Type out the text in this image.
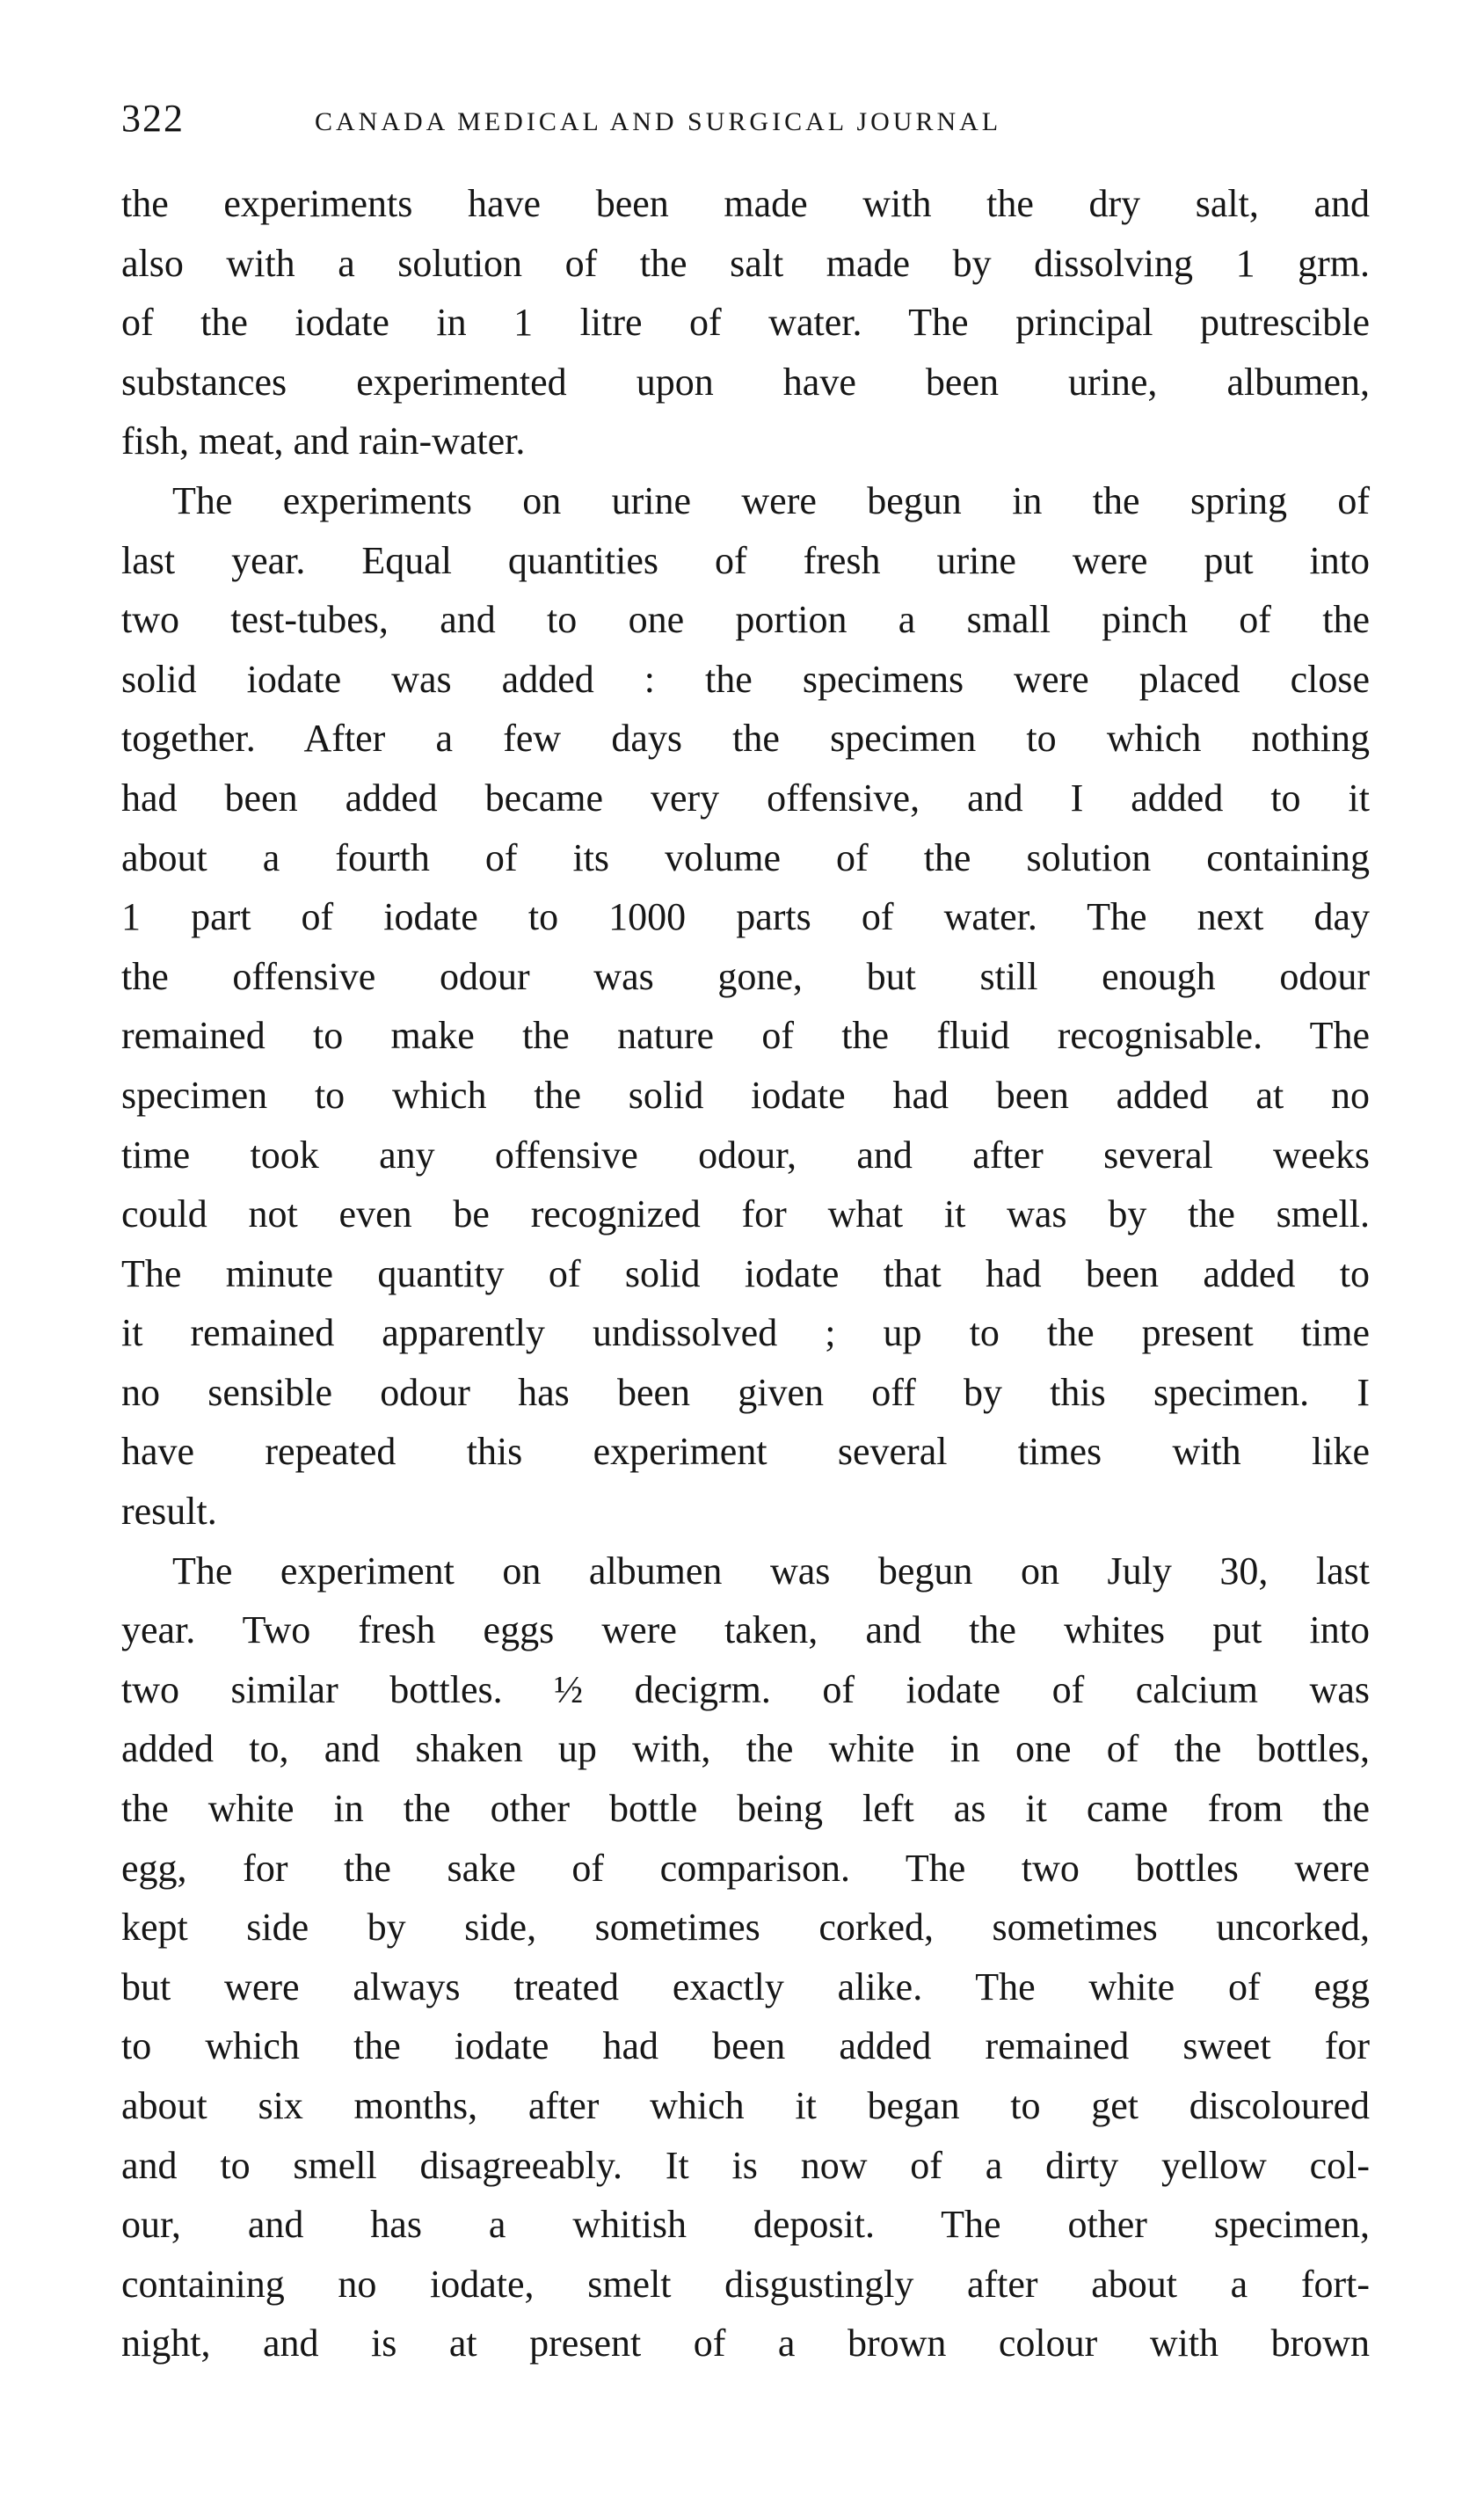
322	CANADA MEDICAL AND SURGICAL JOURNAL
the experiments have been made with the dry salt, and
also with a solution of the salt made by dissolving 1 grm.
of the iodate in 1 litre of water. The principal putrescible
substances experimented upon have been urine, albumen,
fish, meat, and rain-water.
The experiments on urine were begun in the spring of
last year. Equal quantities of fresh urine were put into
two test-tubes, and to one portion a small pinch of the
solid iodate was added : the specimens were placed close
together. After a few days the specimen to which nothing
had been added became very offensive, and I added to it
about a fourth of its volume of the solution containing
1 part of iodate to 1000 parts of water. The next day
the offensive odour was gone, but still enough odour
remained to make the nature of the fluid recognisable. The
specimen to which the solid iodate had been added at no
time took any offensive odour, and after several weeks
could not even be recognized for what it was by the smell.
The minute quantity of solid iodate that had been added to
it remained apparently undissolved ; up to the present time
no sensible odour has been given off by this specimen. I
have repeated this experiment several times with like
result.
The experiment on albumen was begun on July 30, last
year. Two fresh eggs were taken, and the whites put into
two similar bottles. ½ decigrm. of iodate of calcium was
added to, and shaken up with, the white in one of the bottles,
the white in the other bottle being left as it came from the
egg, for the sake of comparison. The two bottles were
kept side by side, sometimes corked, sometimes uncorked,
but were always treated exactly alike. The white of egg
to which the iodate had been added remained sweet for
about six months, after which it began to get discoloured
and to smell disagreeably. It is now of a dirty yellow col-
our, and has a whitish deposit. The other specimen,
containing no iodate, smelt disgustingly after about a fort-
night, and is at present of a brown colour with brown
